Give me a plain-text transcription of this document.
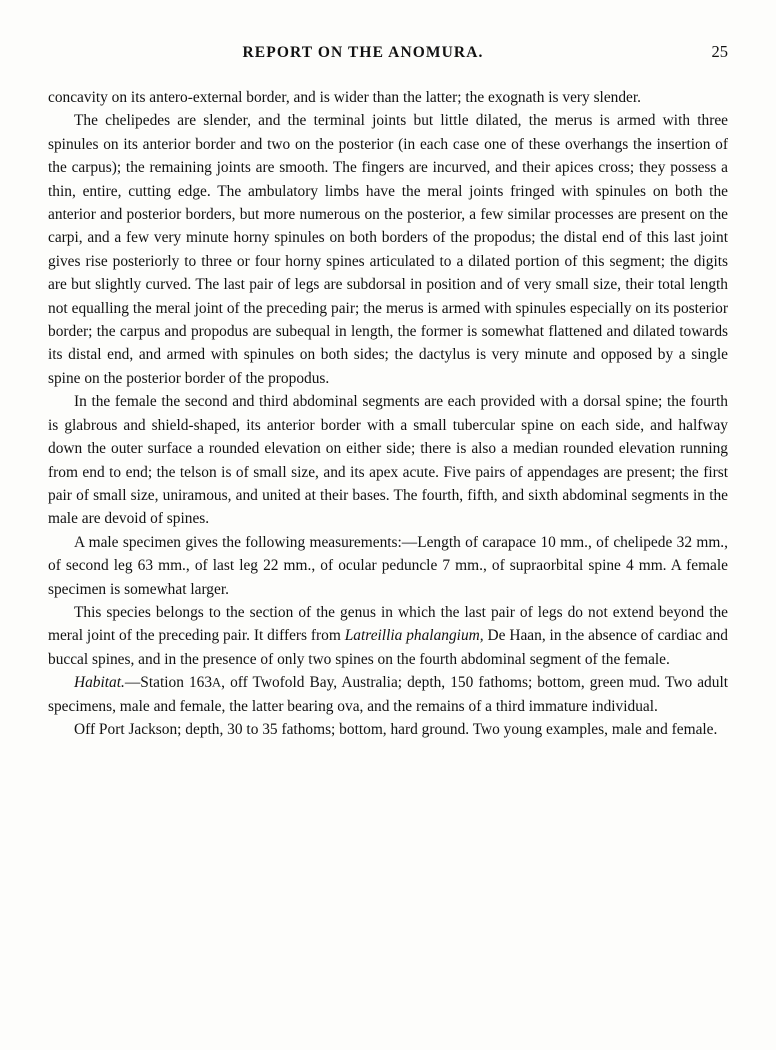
REPORT ON THE ANOMURA.	25

concavity on its antero-external border, and is wider than the latter; the exognath is very slender.

The chelipedes are slender, and the terminal joints but little dilated, the merus is armed with three spinules on its anterior border and two on the posterior (in each case one of these overhangs the insertion of the carpus); the remaining joints are smooth. The fingers are incurved, and their apices cross; they possess a thin, entire, cutting edge. The ambulatory limbs have the meral joints fringed with spinules on both the anterior and posterior borders, but more numerous on the posterior, a few similar processes are present on the carpi, and a few very minute horny spinules on both borders of the propodus; the distal end of this last joint gives rise posteriorly to three or four horny spines articulated to a dilated portion of this segment; the digits are but slightly curved. The last pair of legs are subdorsal in position and of very small size, their total length not equalling the meral joint of the preceding pair; the merus is armed with spinules especially on its posterior border; the carpus and propodus are subequal in length, the former is somewhat flattened and dilated towards its distal end, and armed with spinules on both sides; the dactylus is very minute and opposed by a single spine on the posterior border of the propodus.

In the female the second and third abdominal segments are each provided with a dorsal spine; the fourth is glabrous and shield-shaped, its anterior border with a small tubercular spine on each side, and halfway down the outer surface a rounded elevation on either side; there is also a median rounded elevation running from end to end; the telson is of small size, and its apex acute. Five pairs of appendages are present; the first pair of small size, uniramous, and united at their bases. The fourth, fifth, and sixth abdominal segments in the male are devoid of spines.

A male specimen gives the following measurements:—Length of carapace 10 mm., of chelipede 32 mm., of second leg 63 mm., of last leg 22 mm., of ocular peduncle 7 mm., of supraorbital spine 4 mm. A female specimen is somewhat larger.

This species belongs to the section of the genus in which the last pair of legs do not extend beyond the meral joint of the preceding pair. It differs from Latreillia phalangium, De Haan, in the absence of cardiac and buccal spines, and in the presence of only two spines on the fourth abdominal segment of the female.

Habitat.—Station 163A, off Twofold Bay, Australia; depth, 150 fathoms; bottom, green mud. Two adult specimens, male and female, the latter bearing ova, and the remains of a third immature individual.

Off Port Jackson; depth, 30 to 35 fathoms; bottom, hard ground. Two young examples, male and female.
